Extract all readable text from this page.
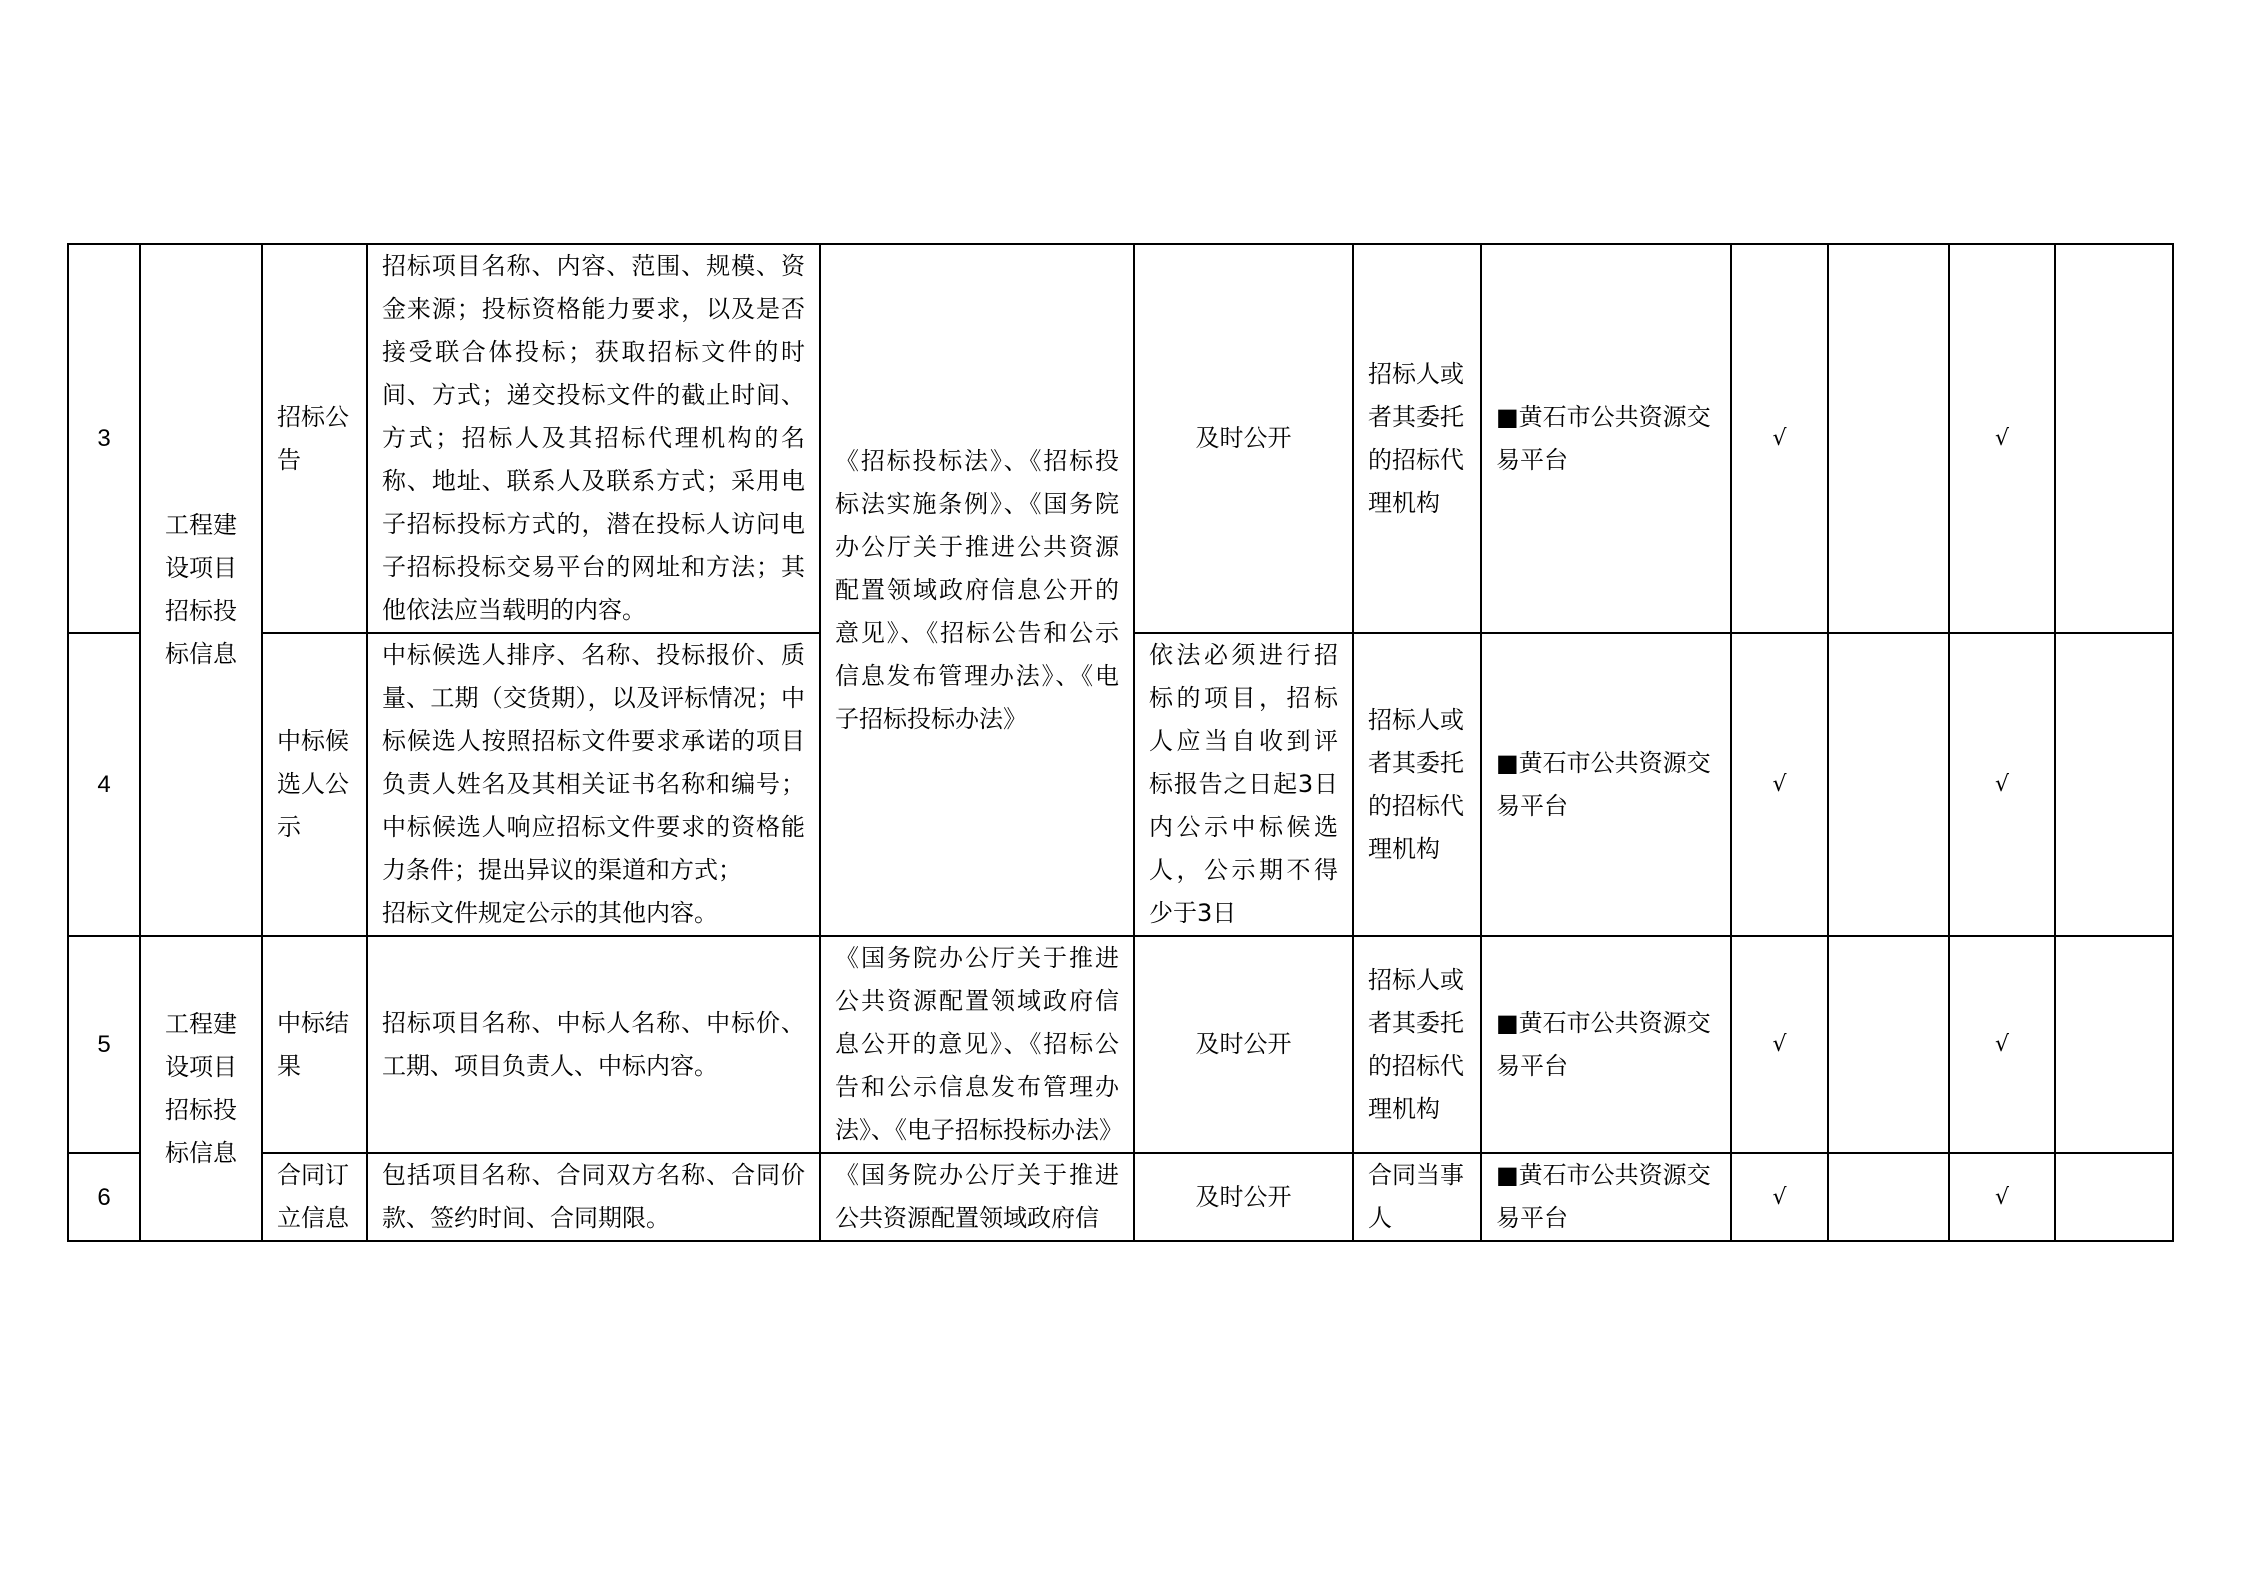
3	工程建设项目招标投标信息	招标公告	招标项目名称、内容、范围、规模、资金来源；投标资格能力要求，以及是否接受联合体投标；获取招标文件的时间、方式；递交投标文件的截止时间、方式；招标人及其招标代理机构的名称、地址、联系人及联系方式；采用电子招标投标方式的，潜在投标人访问电子招标投标交易平台的网址和方法；其他依法应当载明的内容。	《招标投标法》、《招标投标法实施条例》、《国务院办公厅关于推进公共资源配置领域政府信息公开的意见》、《招标公告和公示信息发布管理办法》、《电子招标投标办法》	及时公开	招标人或者其委托的招标代理机构	■黄石市公共资源交易平台	√		√	
4		中标候选人公示	中标候选人排序、名称、投标报价、质量、工期（交货期），以及评标情况；中标候选人按照招标文件要求承诺的项目负责人姓名及其相关证书名称和编号；中标候选人响应招标文件要求的资格能力条件；提出异议的渠道和方式；
招标文件规定公示的其他内容。		依法必须进行招标的项目，招标人应当自收到评标报告之日起3日内公示中标候选人，公示期不得少于3日	招标人或者其委托的招标代理机构	■黄石市公共资源交易平台	√		√	
5	工程建设项目招标投标信息	中标结果	招标项目名称、中标人名称、中标价、工期、项目负责人、中标内容。	《国务院办公厅关于推进公共资源配置领域政府信息公开的意见》、《招标公告和公示信息发布管理办法》、《电子招标投标办法》	及时公开	招标人或者其委托的招标代理机构	■黄石市公共资源交易平台	√		√	
6		合同订立信息	包括项目名称、合同双方名称、合同价款、签约时间、合同期限。	《国务院办公厅关于推进公共资源配置领域政府信	及时公开	合同当事人	■黄石市公共资源交易平台	√		√	
